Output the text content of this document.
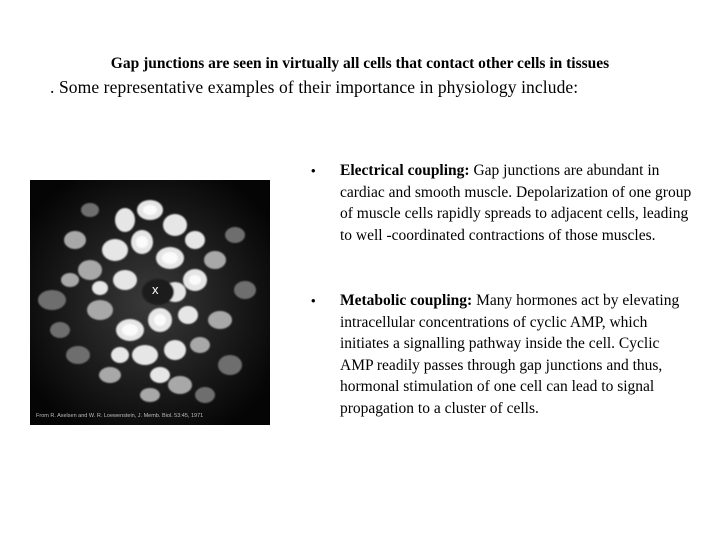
Gap junctions are seen in virtually all cells that contact other cells in tissues
. Some representative examples of their importance in physiology include:
x
From R. Axelsen and W. R. Loewenstein, J. Memb. Biol. 53:45, 1971
• Electrical coupling: Gap junctions are abundant in cardiac and smooth muscle. Depolarization of one group of muscle cells rapidly spreads to adjacent cells, leading to well -coordinated contractions of those muscles.
• Metabolic coupling: Many hormones act by elevating intracellular concentrations of cyclic AMP, which initiates a signalling pathway inside the cell. Cyclic AMP readily passes through gap junctions and thus, hormonal stimulation of one cell can lead to signal propagation to a cluster of cells.
